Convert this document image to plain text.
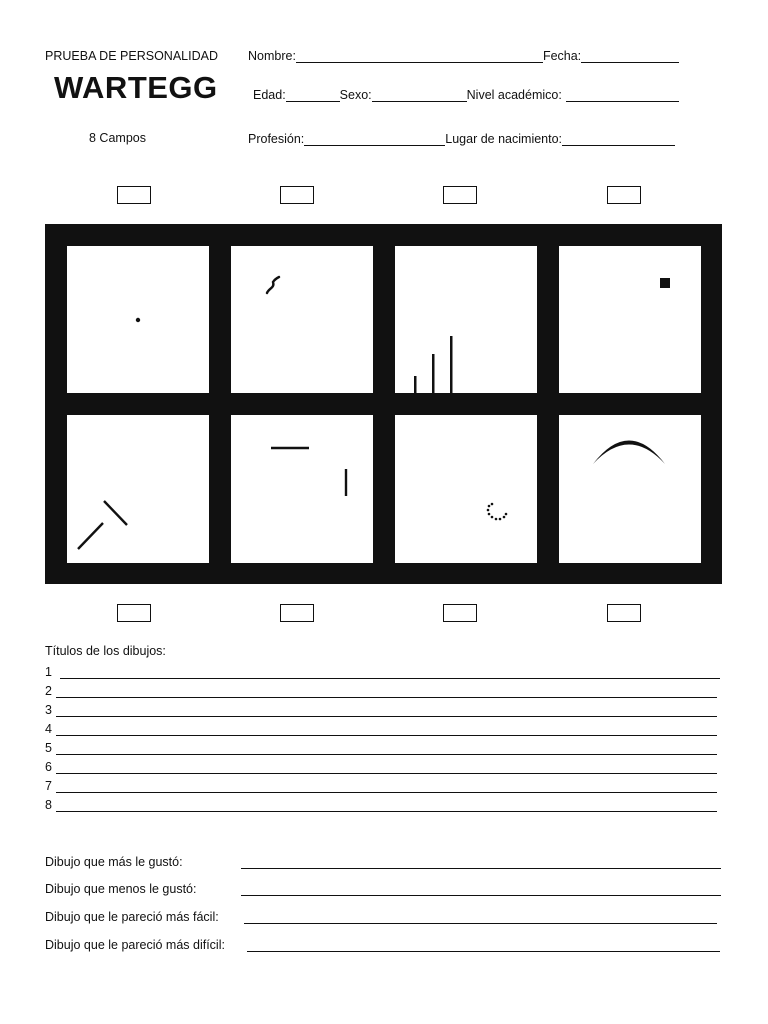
PRUEBA DE PERSONALIDAD
WARTEGG
8 Campos
Nombre:	Fecha:
Edad:	Sexo:	Nivel académico:
Profesión:	Lugar de nacimiento:
Títulos de los dibujos:
1
2
3
4
5
6
7
8
Dibujo que más le gustó:
Dibujo que menos le gustó:
Dibujo que le pareció más fácil:
Dibujo que le pareció más difícil:
